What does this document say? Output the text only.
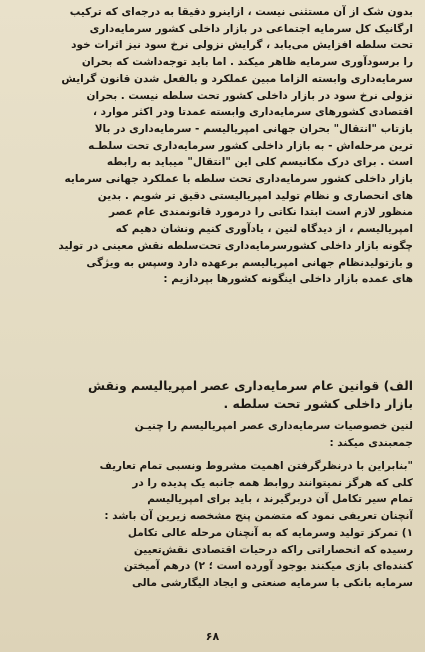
بدون شک از آن مستثنی نیست ، ازاینرو دقیقا به درجه‌ای که ترکیب
ارگانیک کل سرمایه اجتماعی در بازار داخلی کشور سرمایه‌داری
تحت سلطه افزایش می‌یابد ، گرایش نزولی نرخ سود نیز اثرات خود
را برسودآوری سرمایه ظاهر میکند . اما باید توجه‌داشت که بحران
سرمایه‌داری وابسته الزاما مبین عملکرد و بالفعل شدن قانون گرایش
نزولی نرخ سود در بازار داخلی کشور تحت سلطه نیست . بحران
اقتصادی کشورهای سرمایه‌داری وابسته عمدتا ودر اکثر موارد ،
بازتاب "انتقال" بحران جهانی امپریالیسم - سرمایه‌داری در بالا
ترین مرحله‌اش - به بازار داخلی کشور سرمایه‌داری تحت سلطـه
است . برای درک مکانیسم کلی این "انتقال" میباید به رابطه
بازار داخلی کشور سرمایه‌داری تحت سلطه با عملکرد جهانی سرمایه
های انحصاری و نظام تولید امپریالیستی دقیق تر شویم . بدین
منظور لازم است ابتدا نکاتی را درمورد قانونمندی عام عصر
امپریالیسم ، از دیدگاه لنین ، یادآوری کنیم ونشان دهیم که
چگونه بازار داخلی کشورسرمایه‌داری تحت‌سلطه نقش معینی در تولید
و بازتولیدنظام جهانی امپریالیسم برعهده دارد وسپس به ویژگی
های عمده بازار داخلی اینگونه کشورها بپردازیم :
الف) قوانین عام سرمایه‌داری عصر امپریالیسم ونقش
بازار داخلی کشور تحت سلطه .
لنین خصوصیات سرمایه‌داری عصر امپریالیسم را چنیـن
جمعبندی میکند :
"بنابراین با درنظرگرفتن اهمیت مشروط ونسبی تمام تعاریف
کلی که هرگز نمیتوانند روابط همه جانبه یک پدیده را در
تمام سیر تکامل آن دربرگیرند ، باید برای امپریالیسم
آنچنان تعریفی نمود که متضمن پنج مشخصه زیرین آن باشد :
۱) تمرکز تولید وسرمایه که به آنچنان مرحله عالی تکامل
رسیده که انحصاراتی راکه درحیات اقتصادی نقش‌تعیین
کننده‌ای بازی میکنند بوجود آورده است ؛ ۲) درهم آمیختن
سرمایه بانکی با سرمایه صنعتی و ایجاد الیگارشی مالی
۶۸
